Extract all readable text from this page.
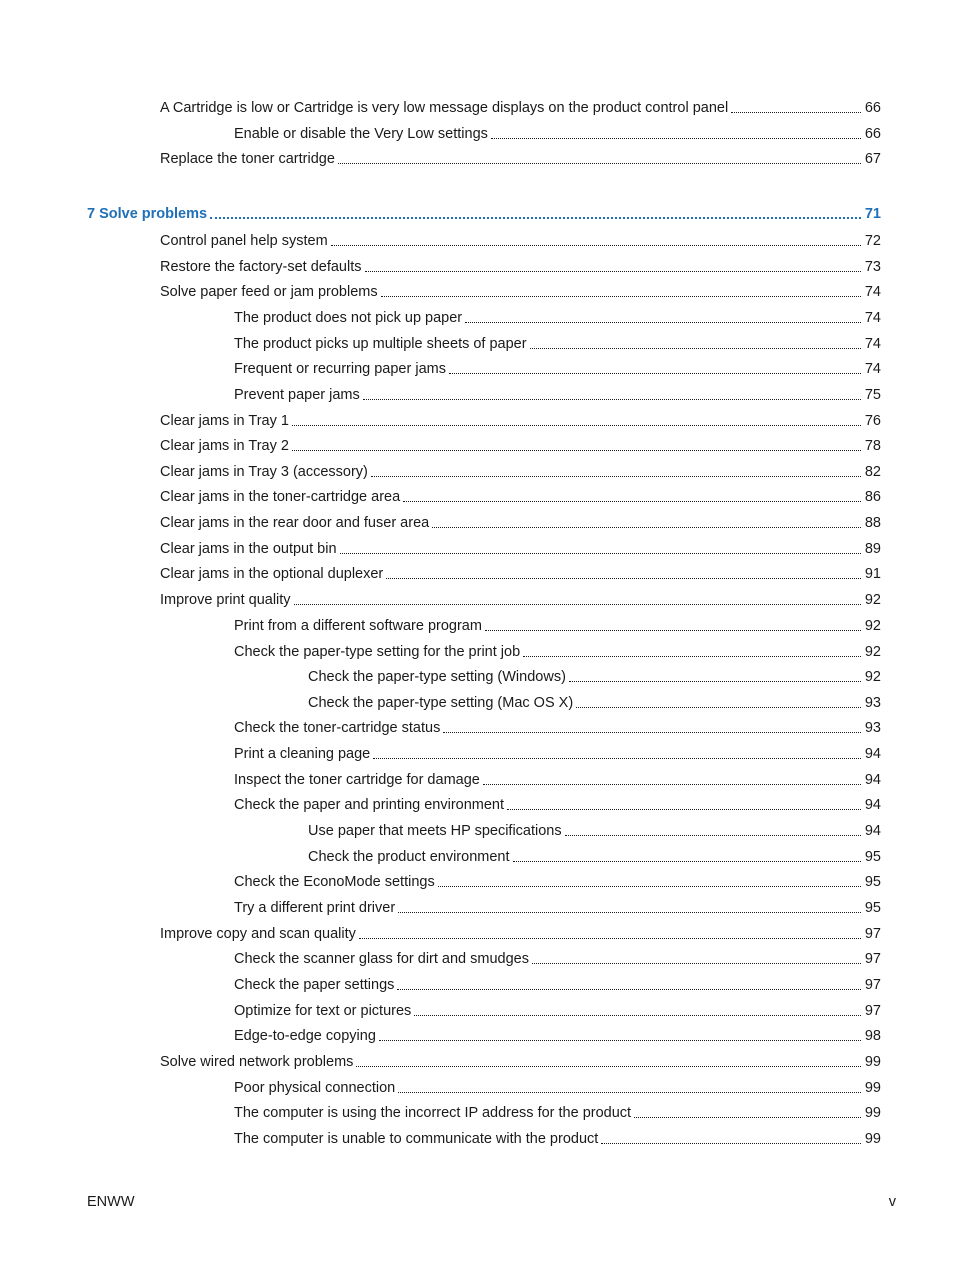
A Cartridge is low or Cartridge is very low message displays on the product control panel	66
Enable or disable the Very Low settings	66
Replace the toner cartridge	67
7 Solve problems	71
Control panel help system	72
Restore the factory-set defaults	73
Solve paper feed or jam problems	74
The product does not pick up paper	74
The product picks up multiple sheets of paper	74
Frequent or recurring paper jams	74
Prevent paper jams	75
Clear jams in Tray 1	76
Clear jams in Tray 2	78
Clear jams in Tray 3 (accessory)	82
Clear jams in the toner-cartridge area	86
Clear jams in the rear door and fuser area	88
Clear jams in the output bin	89
Clear jams in the optional duplexer	91
Improve print quality	92
Print from a different software program	92
Check the paper-type setting for the print job	92
Check the paper-type setting (Windows)	92
Check the paper-type setting (Mac OS X)	93
Check the toner-cartridge status	93
Print a cleaning page	94
Inspect the toner cartridge for damage	94
Check the paper and printing environment	94
Use paper that meets HP specifications	94
Check the product environment	95
Check the EconoMode settings	95
Try a different print driver	95
Improve copy and scan quality	97
Check the scanner glass for dirt and smudges	97
Check the paper settings	97
Optimize for text or pictures	97
Edge-to-edge copying	98
Solve wired network problems	99
Poor physical connection	99
The computer is using the incorrect IP address for the product	99
The computer is unable to communicate with the product	99
ENWW	v
